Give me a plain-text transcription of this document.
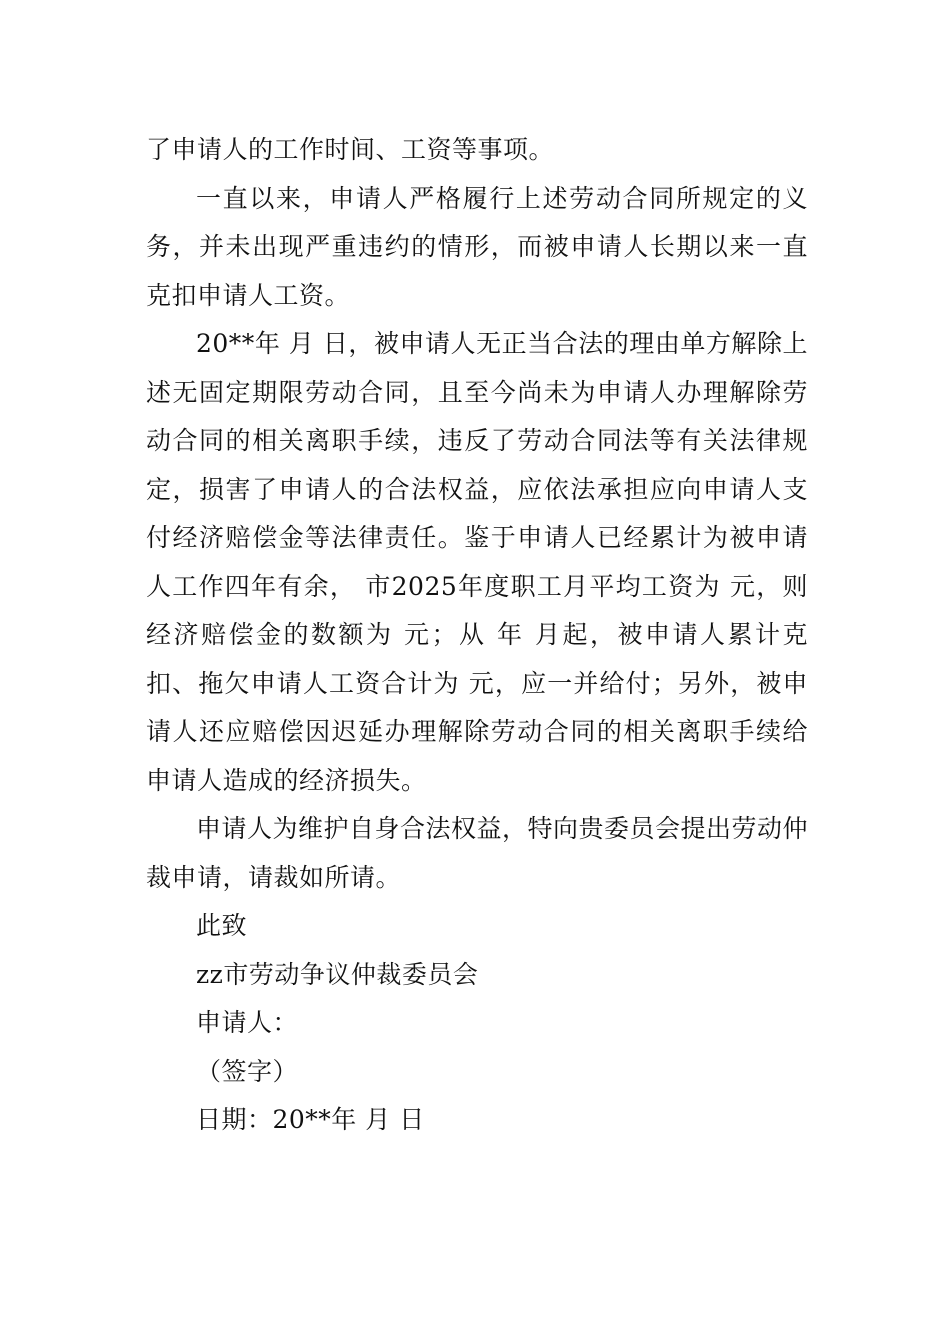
了申请人的工作时间、工资等事项。

一直以来，申请人严格履行上述劳动合同所规定的义务，并未出现严重违约的情形，而被申请人长期以来一直克扣申请人工资。

20**年 月 日，被申请人无正当合法的理由单方解除上述无固定期限劳动合同，且至今尚未为申请人办理解除劳动合同的相关离职手续，违反了劳动合同法等有关法律规定，损害了申请人的合法权益，应依法承担应向申请人支付经济赔偿金等法律责任。鉴于申请人已经累计为被申请人工作四年有余， 市2025年度职工月平均工资为 元，则经济赔偿金的数额为 元；从 年 月起，被申请人累计克扣、拖欠申请人工资合计为 元，应一并给付；另外，被申请人还应赔偿因迟延办理解除劳动合同的相关离职手续给申请人造成的经济损失。

申请人为维护自身合法权益，特向贵委员会提出劳动仲裁申请，请裁如所请。

此致

zz市劳动争议仲裁委员会

申请人：

（签字）

日期：20**年 月 日
